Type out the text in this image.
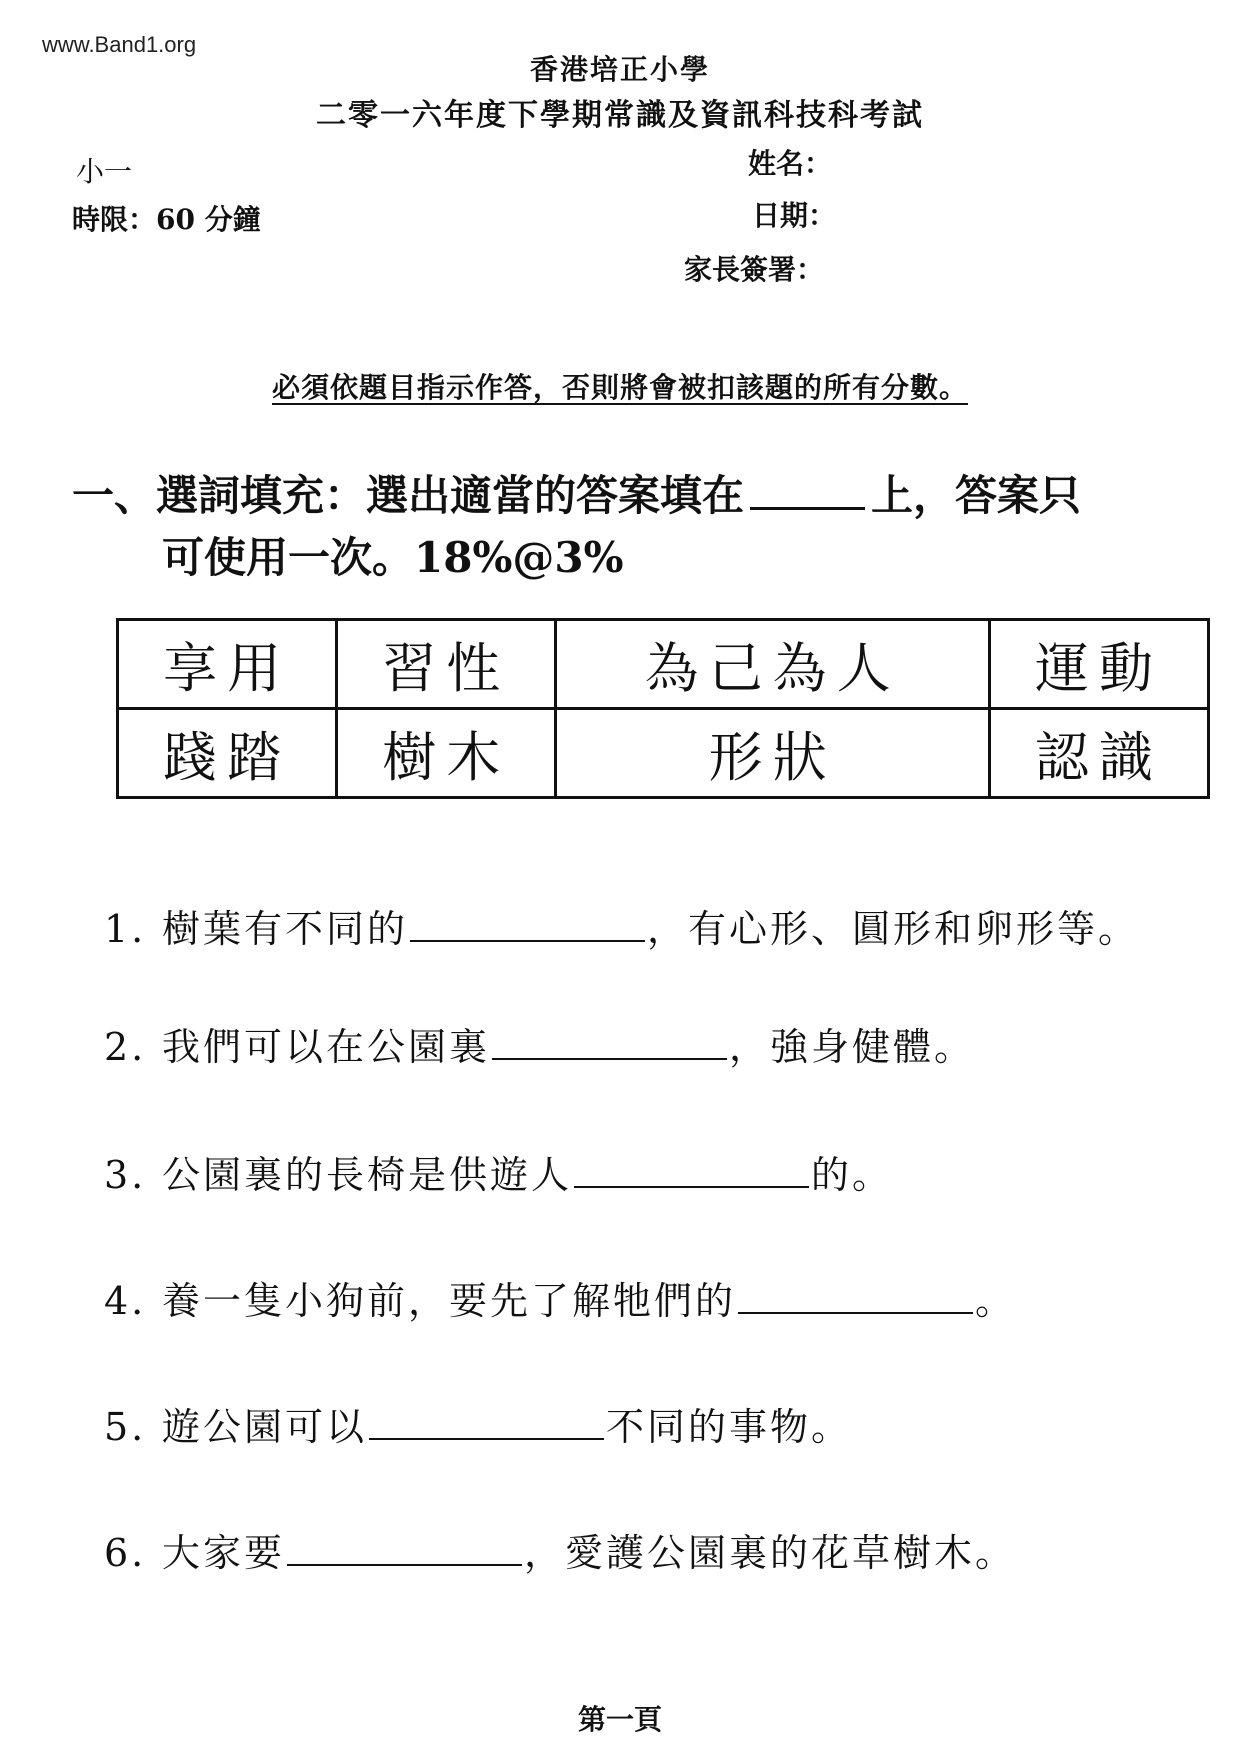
www.Band1.org
香港培正小學
二零一六年度下學期常識及資訊科技科考試
小一
時限：60 分鐘
姓名：
日期：
家長簽署：
必須依題目指示作答，否則將會被扣該題的所有分數。
一、選詞填充：選出適當的答案填在	上，答案只
可使用一次。18%@3%
享用	習性	為己為人	運動
踐踏	樹木	形狀	認識
1. 樹葉有不同的	，有心形、圓形和卵形等。
2. 我們可以在公園裏	，強身健體。
3. 公園裏的長椅是供遊人	的。
4. 養一隻小狗前，要先了解牠們的	。
5. 遊公園可以	不同的事物。
6. 大家要	，愛護公園裏的花草樹木。
第一頁
